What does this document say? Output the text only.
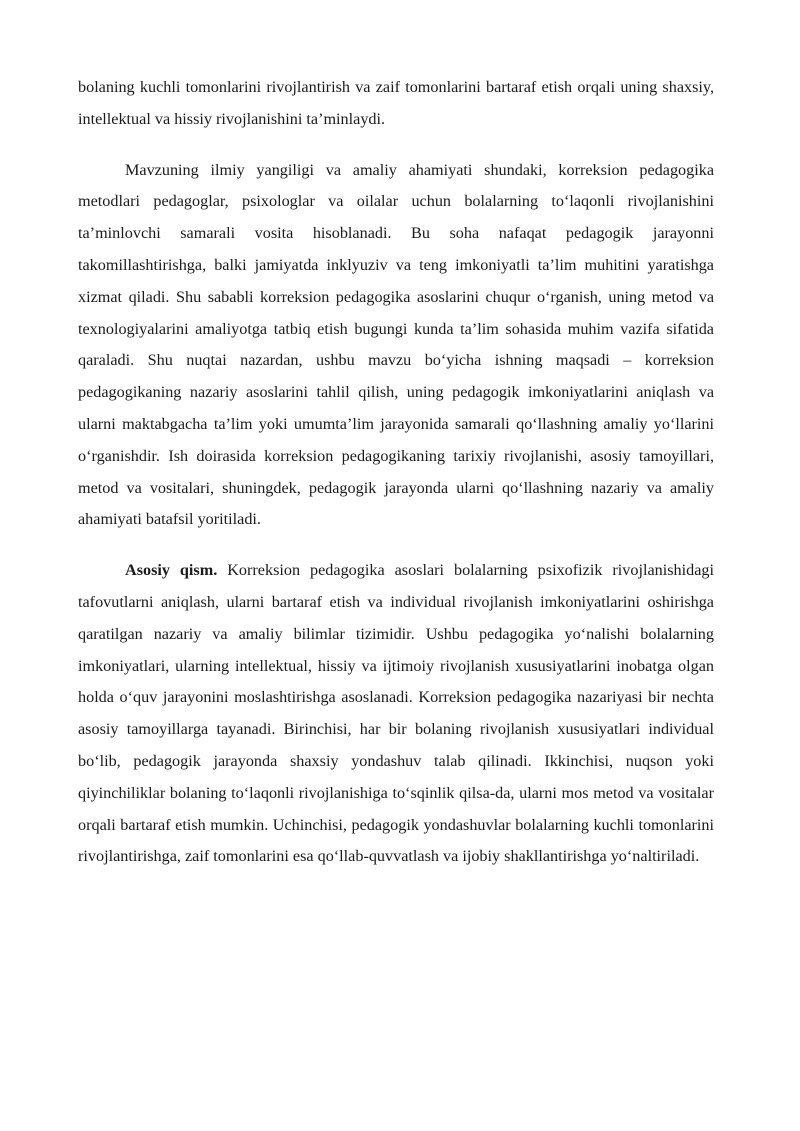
bolaning kuchli tomonlarini rivojlantirish va zaif tomonlarini bartaraf etish orqali uning shaxsiy, intellektual va hissiy rivojlanishini ta’minlaydi.

Mavzuning ilmiy yangiligi va amaliy ahamiyati shundaki, korreksion pedagogika metodlari pedagoglar, psixologlar va oilalar uchun bolalarning to‘laqonli rivojlanishini ta’minlovchi samarali vosita hisoblanadi. Bu soha nafaqat pedagogik jarayonni takomillashtirishga, balki jamiyatda inklyuziv va teng imkoniyatli ta’lim muhitini yaratishga xizmat qiladi. Shu sababli korreksion pedagogika asoslarini chuqur o‘rganish, uning metod va texnologiyalarini amaliyotga tatbiq etish bugungi kunda ta’lim sohasida muhim vazifa sifatida qaraladi. Shu nuqtai nazardan, ushbu mavzu bo‘yicha ishning maqsadi – korreksion pedagogikaning nazariy asoslarini tahlil qilish, uning pedagogik imkoniyatlarini aniqlash va ularni maktabgacha ta’lim yoki umumta’lim jarayonida samarali qo‘llashning amaliy yo‘llarini o‘rganishdir. Ish doirasida korreksion pedagogikaning tarixiy rivojlanishi, asosiy tamoyillari, metod va vositalari, shuningdek, pedagogik jarayonda ularni qo‘llashning nazariy va amaliy ahamiyati batafsil yoritiladi.

Asosiy qism. Korreksion pedagogika asoslari bolalarning psixofizik rivojlanishidagi tafovutlarni aniqlash, ularni bartaraf etish va individual rivojlanish imkoniyatlarini oshirishga qaratilgan nazariy va amaliy bilimlar tizimidir. Ushbu pedagogika yo‘nalishi bolalarning imkoniyatlari, ularning intellektual, hissiy va ijtimoiy rivojlanish xususiyatlarini inobatga olgan holda o‘quv jarayonini moslashtirishga asoslanadi. Korreksion pedagogika nazariyasi bir nechta asosiy tamoyillarga tayanadi. Birinchisi, har bir bolaning rivojlanish xususiyatlari individual bo‘lib, pedagogik jarayonda shaxsiy yondashuv talab qilinadi. Ikkinchisi, nuqson yoki qiyinchiliklar bolaning to‘laqonli rivojlanishiga to‘sqinlik qilsa-da, ularni mos metod va vositalar orqali bartaraf etish mumkin. Uchinchisi, pedagogik yondashuvlar bolalarning kuchli tomonlarini rivojlantirishga, zaif tomonlarini esa qo‘llab-quvvatlash va ijobiy shakllantirishga yo‘naltiriladi.
